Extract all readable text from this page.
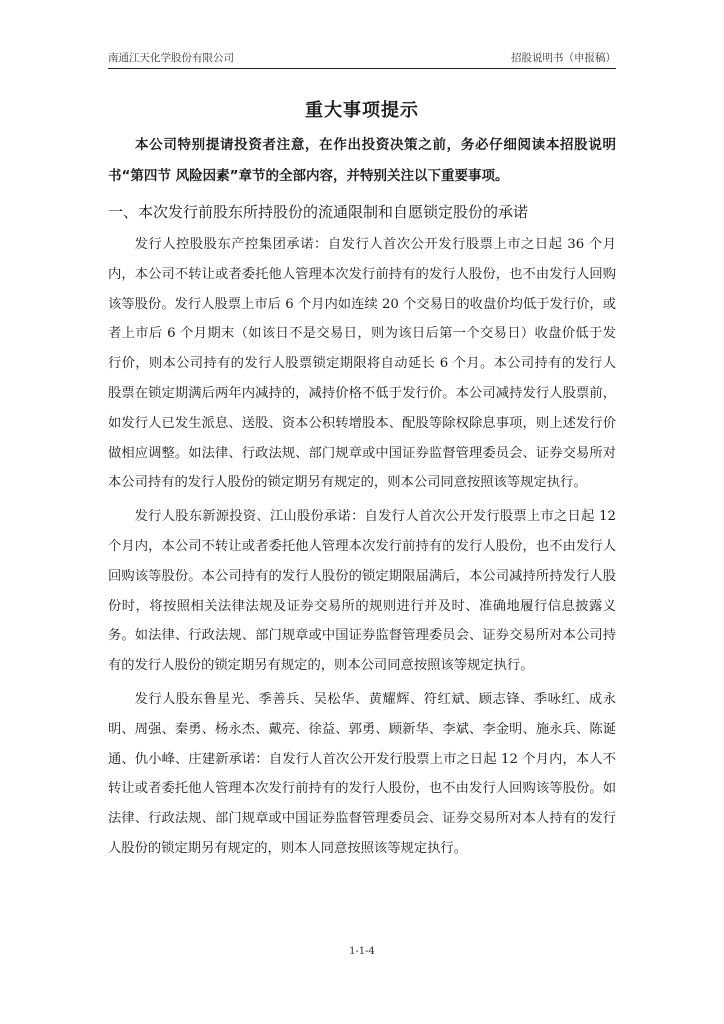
南通江天化学股份有限公司	招股说明书（申报稿）
重大事项提示

本公司特别提请投资者注意，在作出投资决策之前，务必仔细阅读本招股说明书“第四节 风险因素”章节的全部内容，并特别关注以下重要事项。

一、本次发行前股东所持股份的流通限制和自愿锁定股份的承诺

发行人控股股东产控集团承诺：自发行人首次公开发行股票上市之日起 36 个月内，本公司不转让或者委托他人管理本次发行前持有的发行人股份，也不由发行人回购该等股份。发行人股票上市后 6 个月内如连续 20 个交易日的收盘价均低于发行价，或者上市后 6 个月期末（如该日不是交易日，则为该日后第一个交易日）收盘价低于发行价，则本公司持有的发行人股票锁定期限将自动延长 6 个月。本公司持有的发行人股票在锁定期满后两年内减持的，减持价格不低于发行价。本公司减持发行人股票前，如发行人已发生派息、送股、资本公积转增股本、配股等除权除息事项，则上述发行价做相应调整。如法律、行政法规、部门规章或中国证券监督管理委员会、证券交易所对本公司持有的发行人股份的锁定期另有规定的，则本公司同意按照该等规定执行。

发行人股东新源投资、江山股份承诺：自发行人首次公开发行股票上市之日起 12 个月内，本公司不转让或者委托他人管理本次发行前持有的发行人股份，也不由发行人回购该等股份。本公司持有的发行人股份的锁定期限届满后，本公司减持所持发行人股份时，将按照相关法律法规及证券交易所的规则进行并及时、准确地履行信息披露义务。如法律、行政法规、部门规章或中国证券监督管理委员会、证券交易所对本公司持有的发行人股份的锁定期另有规定的，则本公司同意按照该等规定执行。

发行人股东鲁星光、季善兵、吴松华、黄耀辉、符红斌、顾志锋、季咏红、成永明、周强、秦勇、杨永杰、戴亮、徐益、郭勇、顾新华、李斌、李金明、施永兵、陈诞通、仇小峰、庄建新承诺：自发行人首次公开发行股票上市之日起 12 个月内，本人不转让或者委托他人管理本次发行前持有的发行人股份，也不由发行人回购该等股份。如法律、行政法规、部门规章或中国证券监督管理委员会、证券交易所对本人持有的发行人股份的锁定期另有规定的，则本人同意按照该等规定执行。

1-1-4
